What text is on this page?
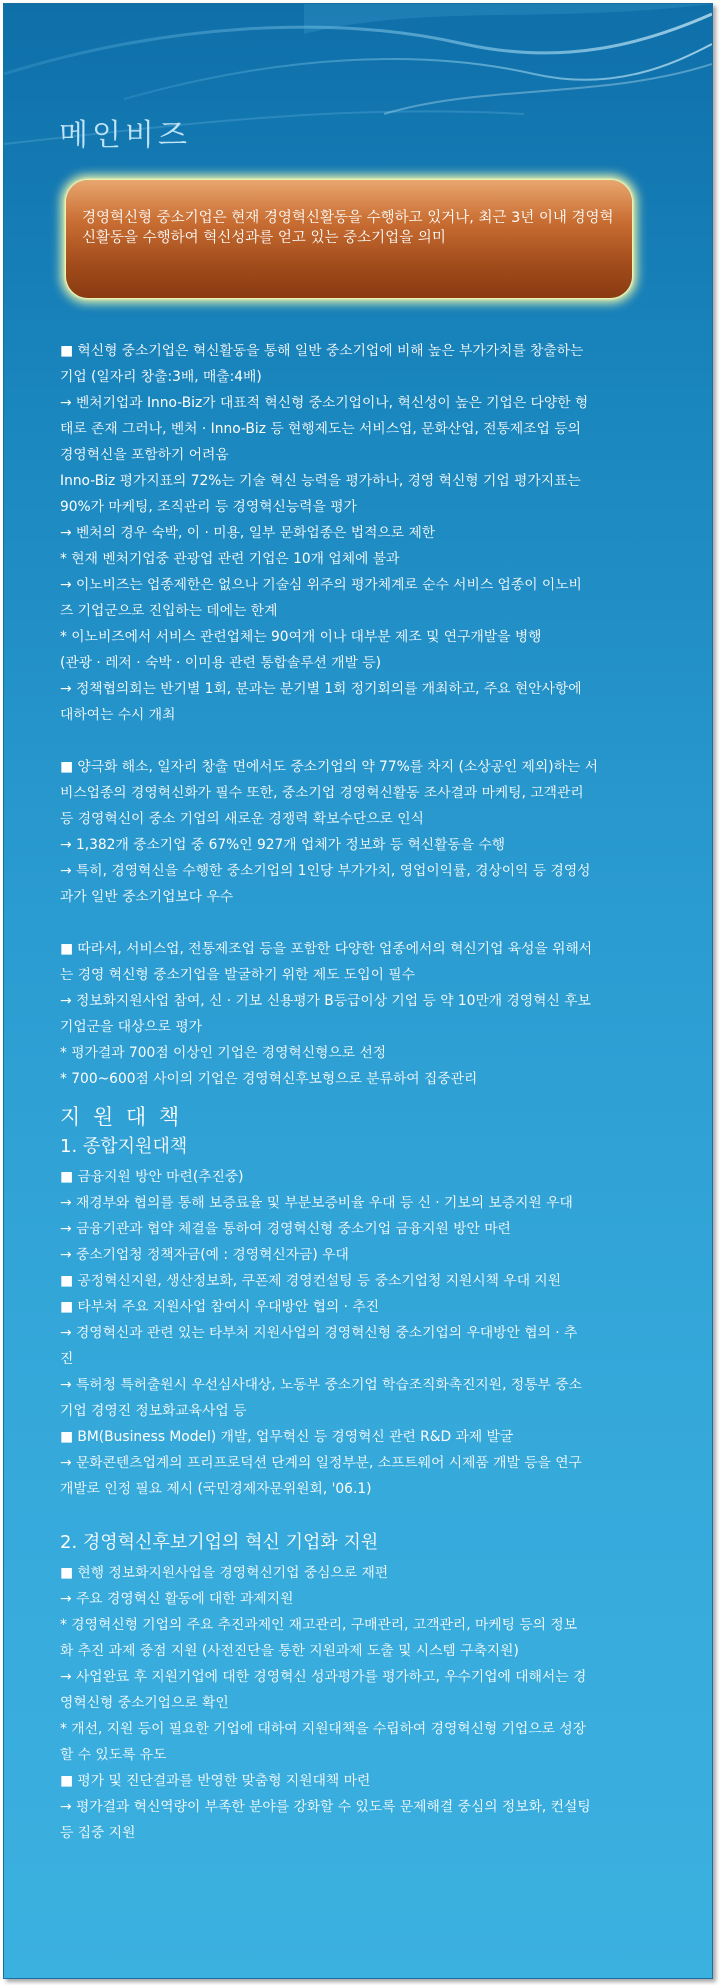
메인비즈
경영혁신형 중소기업은 현재 경영혁신활동을 수행하고 있거나, 최근 3년 이내 경영혁신활동을 수행하여 혁신성과를 얻고 있는 중소기업을 의미
■ 혁신형 중소기업은 혁신활동을 통해 일반 중소기업에 비해 높은 부가가치를 창출하는
기업 (일자리 창출:3배, 매출:4배)
→ 벤처기업과 Inno-Biz가 대표적 혁신형 중소기업이나, 혁신성이 높은 기업은 다양한 형
태로 존재 그러나, 벤처 · Inno-Biz 등 현행제도는 서비스업, 문화산업, 전통제조업 등의
경영혁신을 포함하기 어려움
Inno-Biz 평가지표의 72%는 기술 혁신 능력을 평가하나, 경영 혁신형 기업 평가지표는
90%가 마케팅, 조직관리 등 경영혁신능력을 평가
→ 벤처의 경우 숙박, 이 · 미용, 일부 문화업종은 법적으로 제한
* 현재 벤처기업중 관광업 관련 기업은 10개 업체에 불과
→ 이노비즈는 업종제한은 없으나 기술심 위주의 평가체계로 순수 서비스 업종이 이노비
즈 기업군으로 진입하는 데에는 한계
* 이노비즈에서 서비스 관련업체는 90여개 이나 대부분 제조 및 연구개발을 병행
(관광 · 레저 · 숙박 · 이미용 관련 통합솔루션 개발 등)
→ 정책협의회는 반기별 1회, 분과는 분기별 1회 정기회의를 개최하고, 주요 현안사항에
대하여는 수시 개최
■ 양극화 해소, 일자리 창출 면에서도 중소기업의 약 77%를 차지 (소상공인 제외)하는 서
비스업종의 경영혁신화가 필수 또한, 중소기업 경영혁신활동 조사결과 마케팅, 고객관리
등 경영혁신이 중소 기업의 새로운 경쟁력 확보수단으로 인식
→ 1,382개 중소기업 중 67%인 927개 업체가 정보화 등 혁신활동을 수행
→ 특히, 경영혁신을 수행한 중소기업의 1인당 부가가치, 영업이익률, 경상이익 등 경영성
과가 일반 중소기업보다 우수
■ 따라서, 서비스업, 전통제조업 등을 포함한 다양한 업종에서의 혁신기업 육성을 위해서
는 경영 혁신형 중소기업을 발굴하기 위한 제도 도입이 필수
→ 정보화지원사업 참여, 신 · 기보 신용평가 B등급이상 기업 등 약 10만개 경영혁신 후보
기업군을 대상으로 평가
* 평가결과 700점 이상인 기업은 경영혁신형으로 선정
* 700~600점 사이의 기업은 경영혁신후보형으로 분류하여 집중관리
지 원 대 책
1. 종합지원대책
■ 금융지원 방안 마련(추진중)
→ 재경부와 협의를 통해 보증료율 및 부분보증비율 우대 등 신 · 기보의 보증지원 우대
→ 금융기관과 협약 체결을 통하여 경영혁신형 중소기업 금융지원 방안 마련
→ 중소기업청 정책자금(예 : 경영혁신자금) 우대
■ 공정혁신지원, 생산정보화, 쿠폰제 경영컨설팅 등 중소기업청 지원시책 우대 지원
■ 타부처 주요 지원사업 참여시 우대방안 협의 · 추진
→ 경영혁신과 관련 있는 타부처 지원사업의 경영혁신형 중소기업의 우대방안 협의 · 추
진
→ 특허청 특허출원시 우선심사대상, 노동부 중소기업 학습조직화촉진지원, 정통부 중소
기업 경영진 정보화교육사업 등
■ BM(Business Model) 개발, 업무혁신 등 경영혁신 관련 R&D 과제 발굴
→ 문화콘텐츠업계의 프리프로덕션 단계의 일정부분, 소프트웨어 시제품 개발 등을 연구
개발로 인정 필요 제시 (국민경제자문위원회, '06.1)
2. 경영혁신후보기업의 혁신 기업화 지원
■ 현행 정보화지원사업을 경영혁신기업 중심으로 재편
→ 주요 경영혁신 활동에 대한 과제지원
* 경영혁신형 기업의 주요 추진과제인 재고관리, 구매관리, 고객관리, 마케팅 등의 정보
화 추진 과제 중점 지원 (사전진단을 통한 지원과제 도출 및 시스템 구축지원)
→ 사업완료 후 지원기업에 대한 경영혁신 성과평가를 평가하고, 우수기업에 대해서는 경
영혁신형 중소기업으로 확인
* 개선, 지원 등이 필요한 기업에 대하여 지원대책을 수립하여 경영혁신형 기업으로 성장
할 수 있도록 유도
■ 평가 및 진단결과를 반영한 맞춤형 지원대책 마련
→ 평가결과 혁신역량이 부족한 분야를 강화할 수 있도록 문제해결 중심의 정보화, 컨설팅
등 집중 지원
